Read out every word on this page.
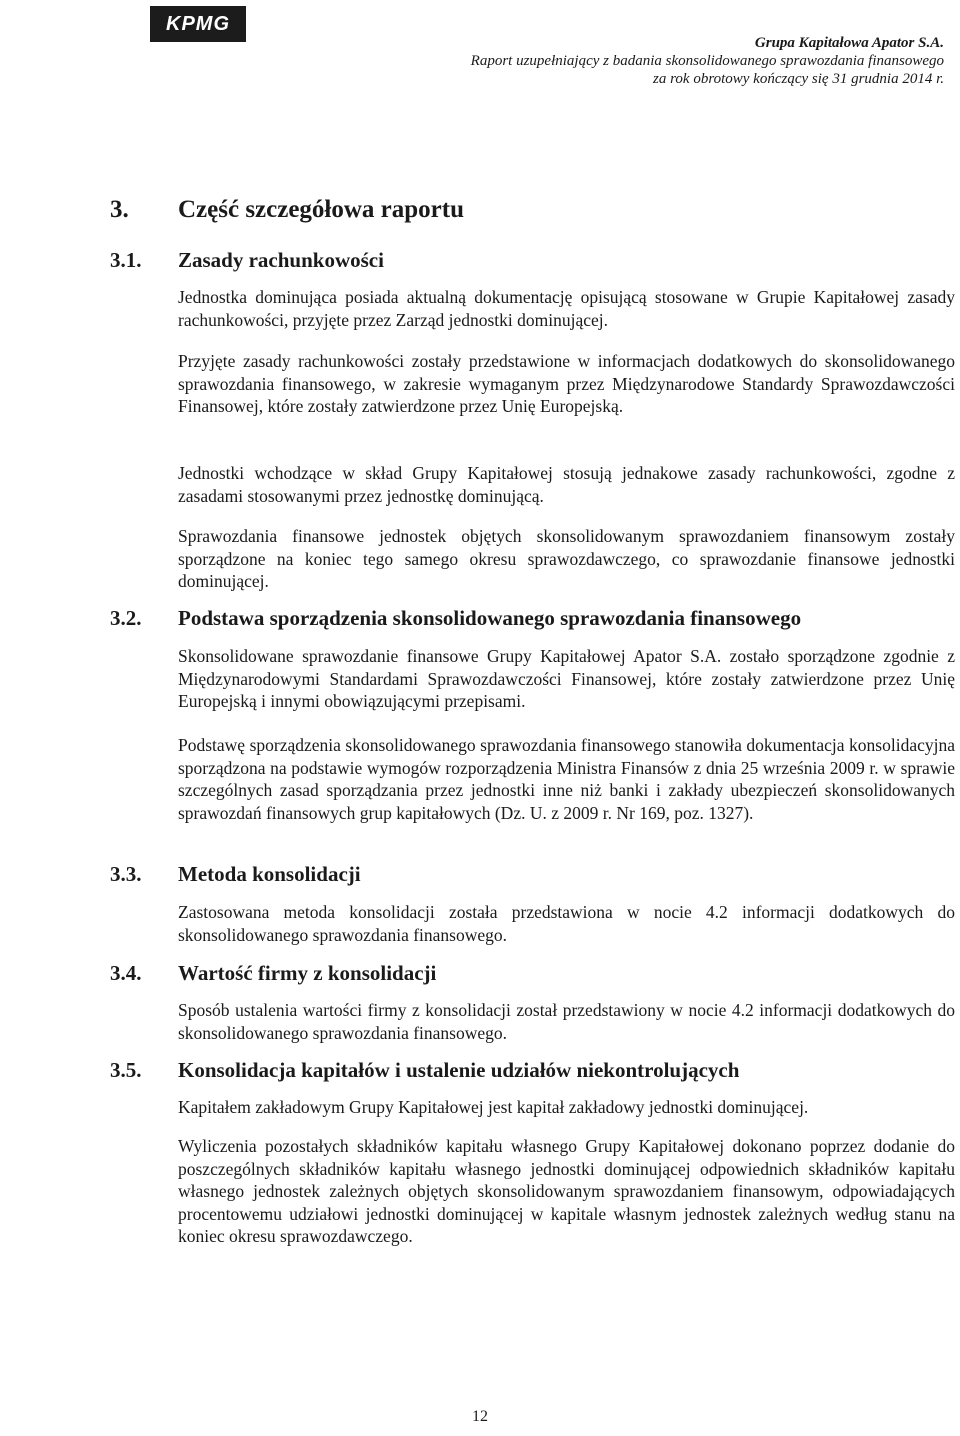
KPMG
Grupa Kapitałowa Apator S.A.
Raport uzupełniający z badania skonsolidowanego sprawozdania finansowego
za rok obrotowy kończący się 31 grudnia 2014 r.
3. Część szczegółowa raportu
3.1. Zasady rachunkowości

Jednostka dominująca posiada aktualną dokumentację opisującą stosowane w Grupie Kapitałowej zasady rachunkowości, przyjęte przez Zarząd jednostki dominującej.

Przyjęte zasady rachunkowości zostały przedstawione w informacjach dodatkowych do skonsolidowanego sprawozdania finansowego, w zakresie wymaganym przez Międzynarodowe Standardy Sprawozdawczości Finansowej, które zostały zatwierdzone przez Unię Europejską.

Jednostki wchodzące w skład Grupy Kapitałowej stosują jednakowe zasady rachunkowości, zgodne z zasadami stosowanymi przez jednostkę dominującą.

Sprawozdania finansowe jednostek objętych skonsolidowanym sprawozdaniem finansowym zostały sporządzone na koniec tego samego okresu sprawozdawczego, co sprawozdanie finansowe jednostki dominującej.

3.2. Podstawa sporządzenia skonsolidowanego sprawozdania finansowego

Skonsolidowane sprawozdanie finansowe Grupy Kapitałowej Apator S.A. zostało sporządzone zgodnie z Międzynarodowymi Standardami Sprawozdawczości Finansowej, które zostały zatwierdzone przez Unię Europejską i innymi obowiązującymi przepisami.

Podstawę sporządzenia skonsolidowanego sprawozdania finansowego stanowiła dokumentacja konsolidacyjna sporządzona na podstawie wymogów rozporządzenia Ministra Finansów z dnia 25 września 2009 r. w sprawie szczególnych zasad sporządzania przez jednostki inne niż banki i zakłady ubezpieczeń skonsolidowanych sprawozdań finansowych grup kapitałowych (Dz. U. z 2009 r. Nr 169, poz. 1327).

3.3. Metoda konsolidacji

Zastosowana metoda konsolidacji została przedstawiona w nocie 4.2 informacji dodatkowych do skonsolidowanego sprawozdania finansowego.

3.4. Wartość firmy z konsolidacji

Sposób ustalenia wartości firmy z konsolidacji został przedstawiony w nocie 4.2 informacji dodatkowych do skonsolidowanego sprawozdania finansowego.

3.5. Konsolidacja kapitałów i ustalenie udziałów niekontrolujących

Kapitałem zakładowym Grupy Kapitałowej jest kapitał zakładowy jednostki dominującej.

Wyliczenia pozostałych składników kapitału własnego Grupy Kapitałowej dokonano poprzez dodanie do poszczególnych składników kapitału własnego jednostki dominującej odpowiednich składników kapitału własnego jednostek zależnych objętych skonsolidowanym sprawozdaniem finansowym, odpowiadających procentowemu udziałowi jednostki dominującej w kapitale własnym jednostek zależnych według stanu na koniec okresu sprawozdawczego.

12
